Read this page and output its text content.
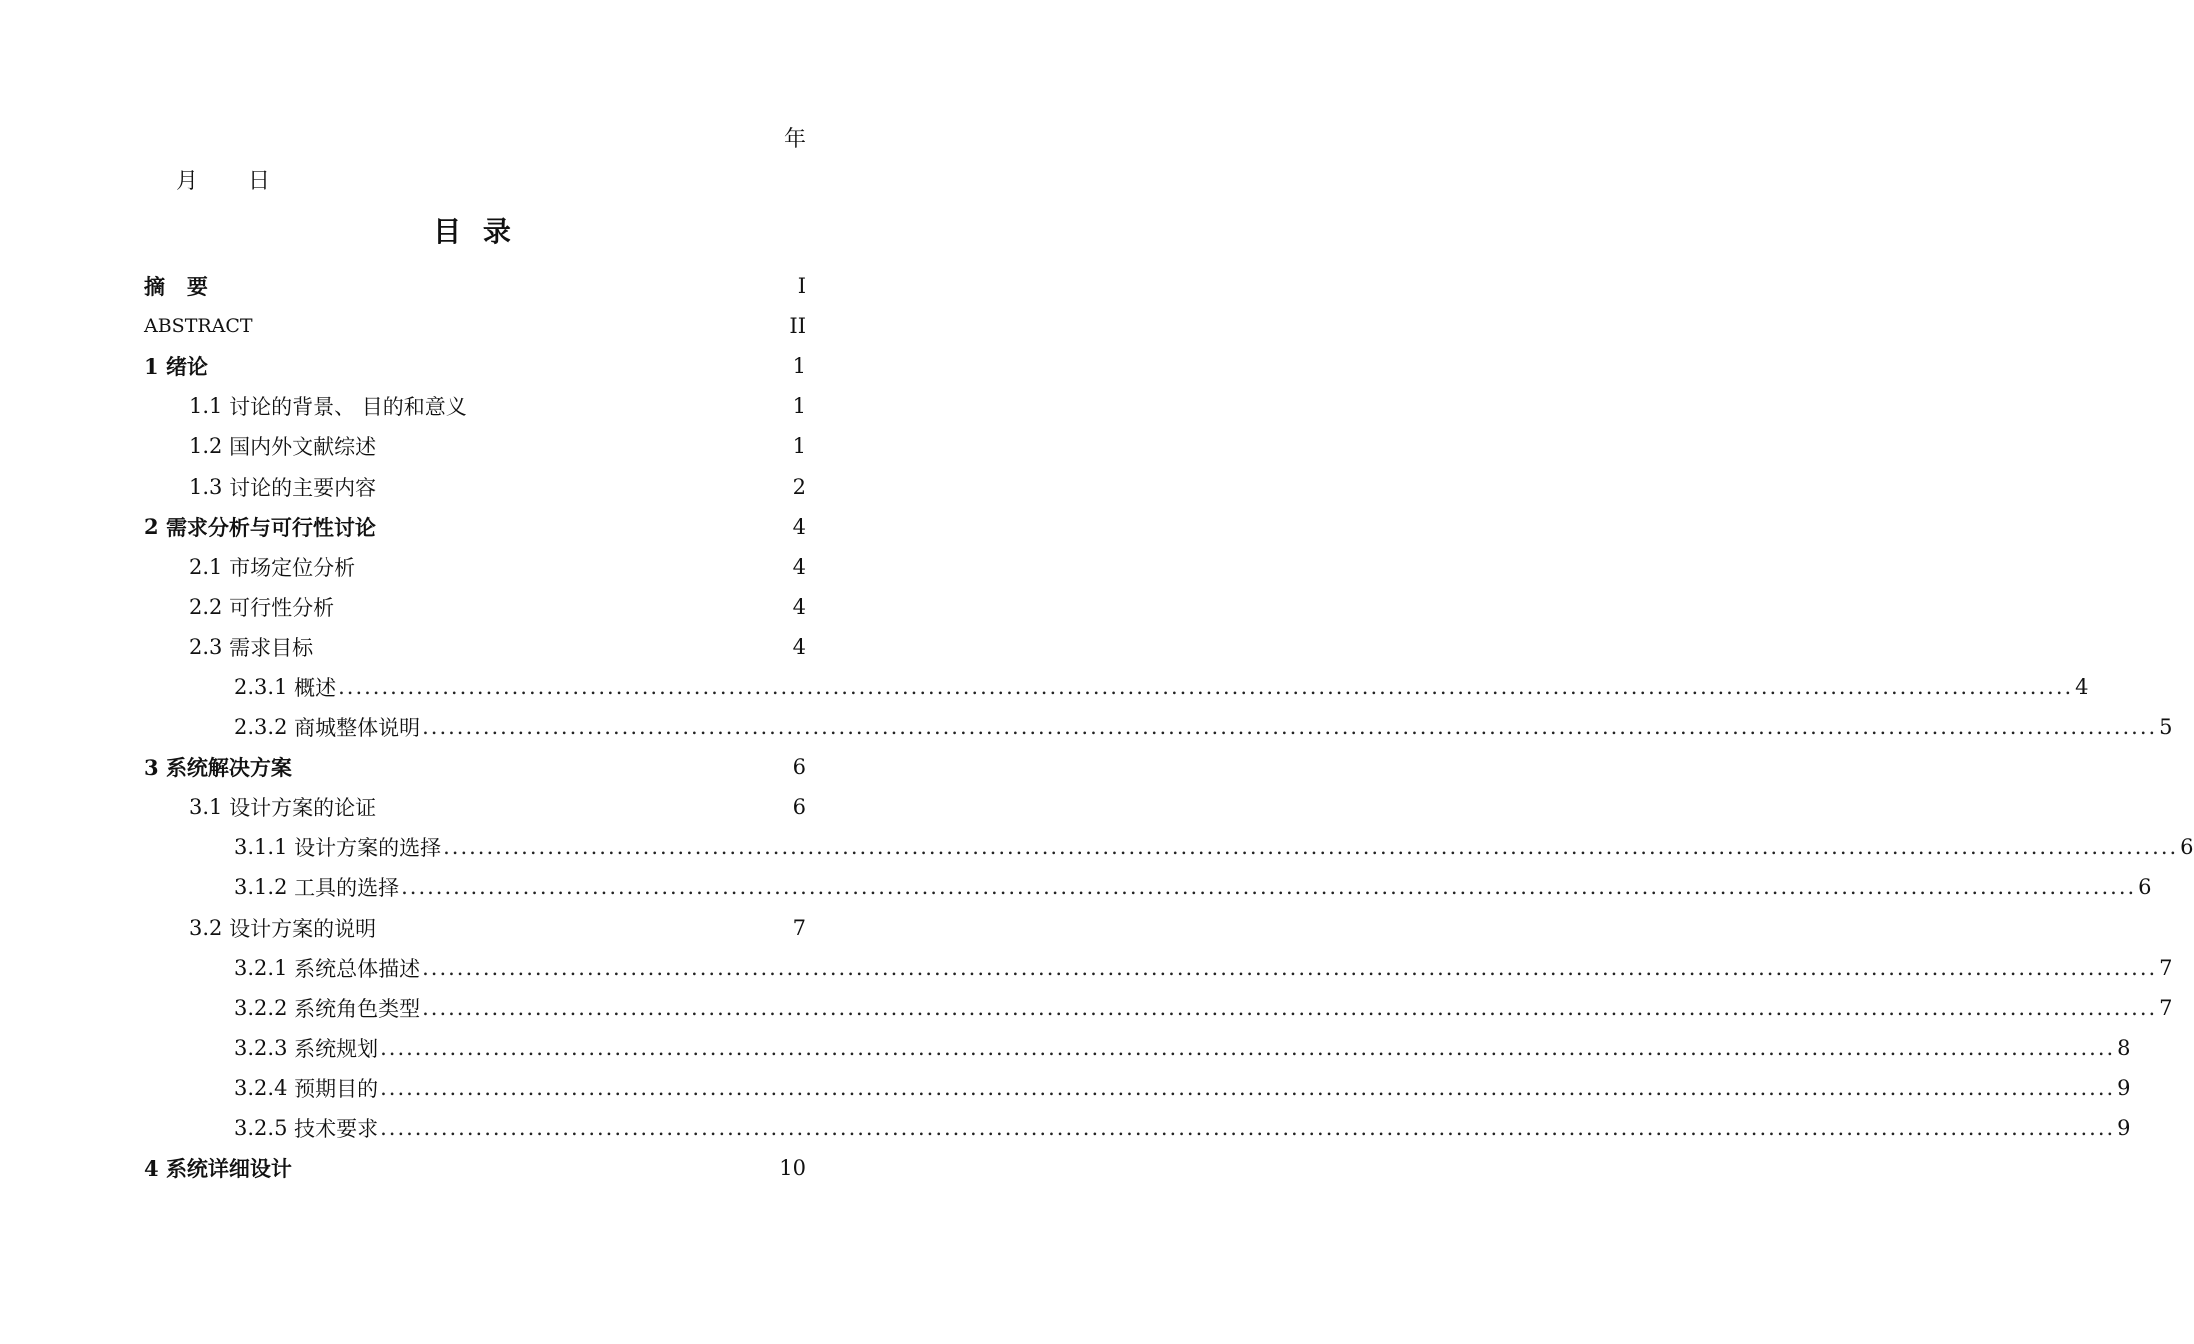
年
月 日
目 录
摘   要	I
ABSTRACT	II
1 绪论	1
1.1 讨论的背景、 目的和意义	1
1.2 国内外文献综述	1
1.3 讨论的主要内容	2
2 需求分析与可行性讨论	4
2.1 市场定位分析	4
2.2 可行性分析	4
2.3 需求目标	4
2.3.1 概述 ........................................................................................................................................................................................................ 4
2.3.2 商城整体说明 ........................................................................................................................................................................................................ 5
3 系统解决方案	6
3.1 设计方案的论证	6
3.1.1 设计方案的选择 ........................................................................................................................................................................................................ 6
3.1.2 工具的选择 ........................................................................................................................................................................................................ 6
3.2 设计方案的说明	7
3.2.1 系统总体描述 ........................................................................................................................................................................................................ 7
3.2.2 系统角色类型 ........................................................................................................................................................................................................ 7
3.2.3 系统规划 ........................................................................................................................................................................................................ 8
3.2.4 预期目的 ........................................................................................................................................................................................................ 9
3.2.5 技术要求 ........................................................................................................................................................................................................ 9
4 系统详细设计	10
